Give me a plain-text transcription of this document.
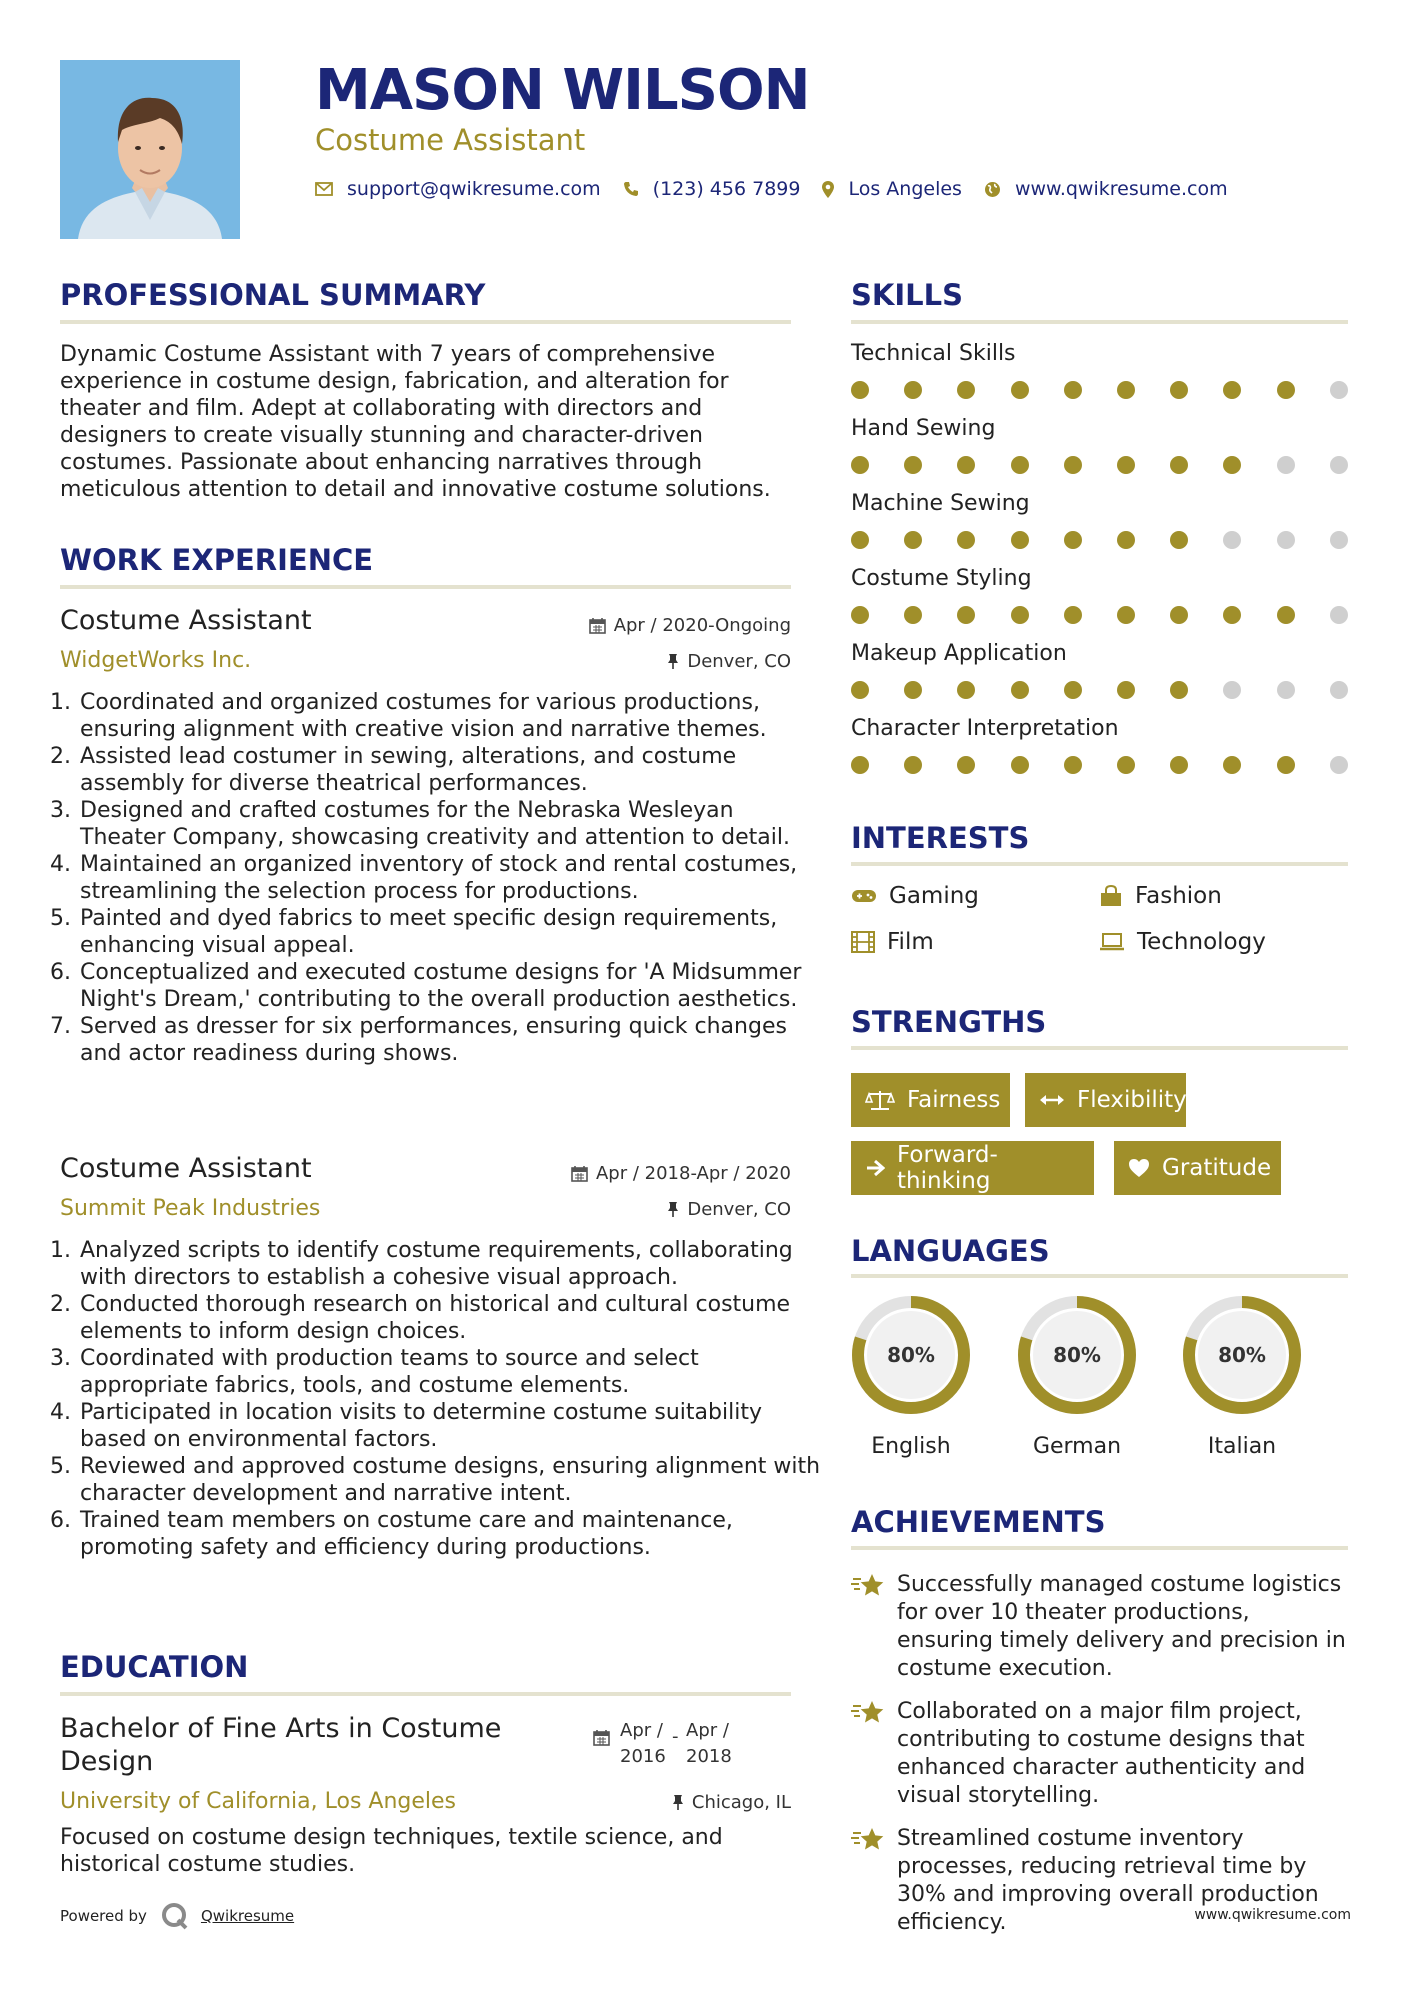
MASON WILSON
Costume Assistant
support@qwikresume.com	(123) 456 7899	Los Angeles	www.qwikresume.com
PROFESSIONAL SUMMARY
Dynamic Costume Assistant with 7 years of comprehensive experience in costume design, fabrication, and alteration for theater and film. Adept at collaborating with directors and designers to create visually stunning and character-driven costumes. Passionate about enhancing narratives through meticulous attention to detail and innovative costume solutions.
WORK EXPERIENCE
Costume Assistant	Apr / 2020-Ongoing
WidgetWorks Inc.	Denver, CO
1. Coordinated and organized costumes for various productions, ensuring alignment with creative vision and narrative themes.
2. Assisted lead costumer in sewing, alterations, and costume assembly for diverse theatrical performances.
3. Designed and crafted costumes for the Nebraska Wesleyan Theater Company, showcasing creativity and attention to detail.
4. Maintained an organized inventory of stock and rental costumes, streamlining the selection process for productions.
5. Painted and dyed fabrics to meet specific design requirements, enhancing visual appeal.
6. Conceptualized and executed costume designs for 'A Midsummer Night's Dream,' contributing to the overall production aesthetics.
7. Served as dresser for six performances, ensuring quick changes and actor readiness during shows.
Costume Assistant	Apr / 2018-Apr / 2020
Summit Peak Industries	Denver, CO
1. Analyzed scripts to identify costume requirements, collaborating with directors to establish a cohesive visual approach.
2. Conducted thorough research on historical and cultural costume elements to inform design choices.
3. Coordinated with production teams to source and select appropriate fabrics, tools, and costume elements.
4. Participated in location visits to determine costume suitability based on environmental factors.
5. Reviewed and approved costume designs, ensuring alignment with character development and narrative intent.
6. Trained team members on costume care and maintenance, promoting safety and efficiency during productions.
EDUCATION
Bachelor of Fine Arts in Costume Design
Apr /
2016
- Apr /
2018
University of California, Los Angeles	Chicago, IL
Focused on costume design techniques, textile science, and historical costume studies.
Powered by	Qwikresume
SKILLS
Technical Skills
Hand Sewing
Machine Sewing
Costume Styling
Makeup Application
Character Interpretation
INTERESTS
Gaming	Fashion
Film	Technology
STRENGTHS
Fairness	Flexibility
Forward-thinking	Gratitude
LANGUAGES
80%
English
80%
German
80%
Italian
ACHIEVEMENTS
Successfully managed costume logistics for over 10 theater productions, ensuring timely delivery and precision in costume execution.
Collaborated on a major film project, contributing to costume designs that enhanced character authenticity and visual storytelling.
Streamlined costume inventory processes, reducing retrieval time by 30% and improving overall production efficiency.	www.qwikresume.com
